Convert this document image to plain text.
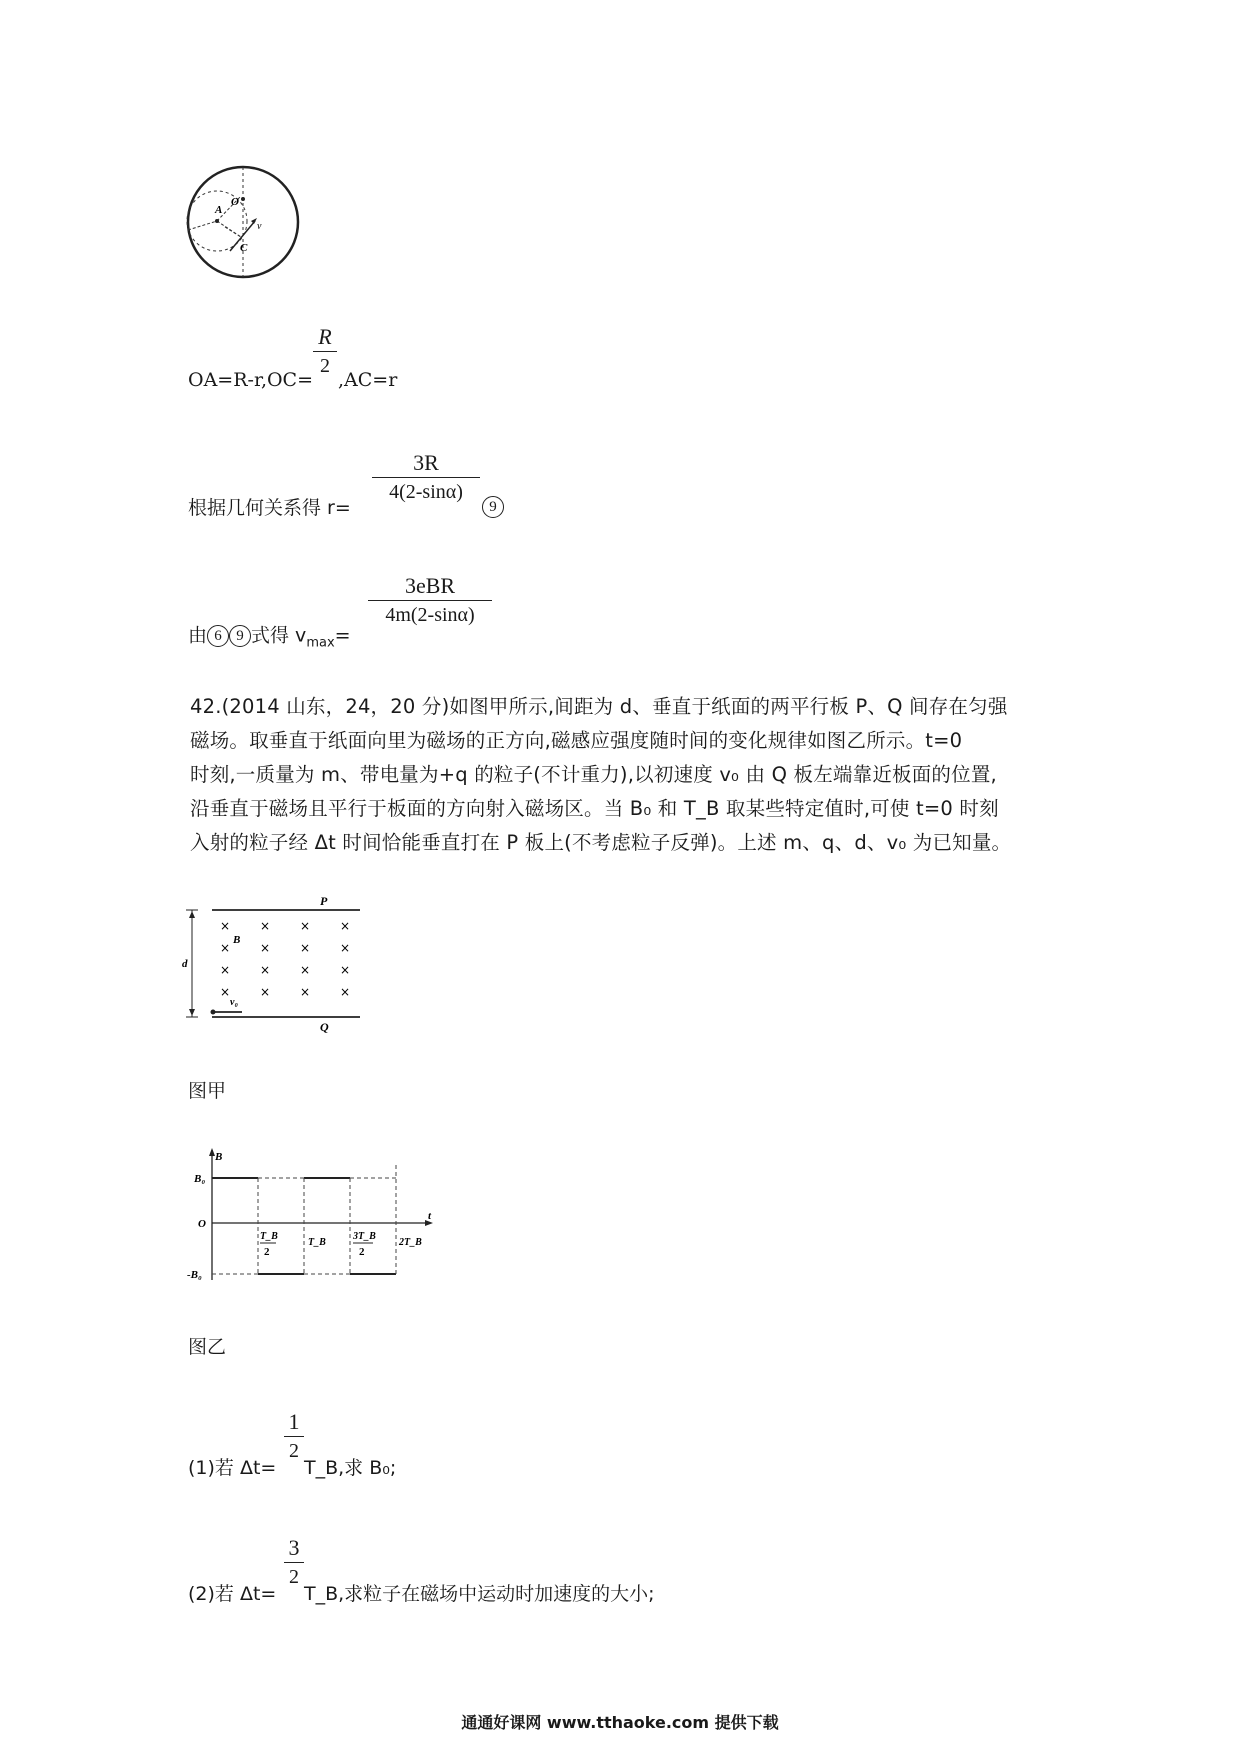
A
O
C
v
OA=R-r,OC=
R
2
,AC=r
根据几何关系得 r=
3R
4(2-sinα)
9
由 6 9 式得 $v_{max}=$
3eBR
4m(2-sinα)
42.(2014 山东，24，20 分)如图甲所示,间距为 d、垂直于纸面的两平行板 P、Q 间存在匀强
磁场。取垂直于纸面向里为磁场的正方向,磁感应强度随时间的变化规律如图乙所示。t=0
时刻,一质量为 m、带电量为+q 的粒子(不计重力),以初速度 v₀ 由 Q 板左端靠近板面的位置,
沿垂直于磁场且平行于板面的方向射入磁场区。当 B₀ 和 T_B 取某些特定值时,可使 t=0 时刻
入射的粒子经 Δt 时间恰能垂直打在 P 板上(不考虑粒子反弹)。上述 m、q、d、v₀ 为已知量。
P
Q
d
B
v₀
× × × ×
× × × ×
× × × ×
× × × ×
图甲
B
t
B₀
O
-B₀
T_B
2
T_B
3T_B
2
2T_B
图乙
(1)若 Δt=
1
2
T_B,求 B₀;
(2)若 Δt=
3
2
T_B,求粒子在磁场中运动时加速度的大小;
通通好课网 www.tthaoke.com 提供下载
